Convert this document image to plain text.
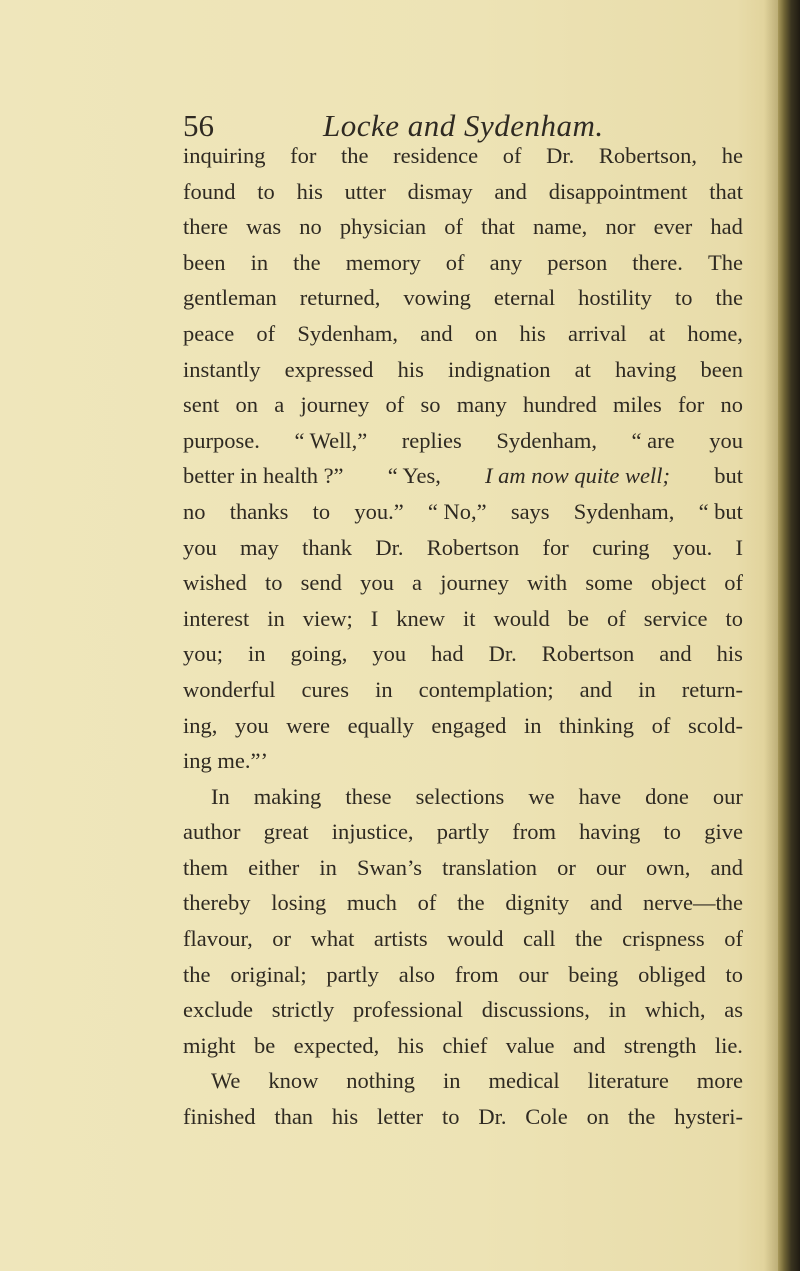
56	Locke and Sydenham.
inquiring for the residence of Dr. Robertson, he
found to his utter dismay and disappointment that
there was no physician of that name, nor ever had
been in the memory of any person there. The
gentleman returned, vowing eternal hostility to the
peace of Sydenham, and on his arrival at home,
instantly expressed his indignation at having been
sent on a journey of so many hundred miles for no
purpose. “ Well,” replies Sydenham, “ are you
better in health ?” “ Yes, I am now quite well; but
no thanks to you.” “ No,” says Sydenham, “ but
you may thank Dr. Robertson for curing you. I
wished to send you a journey with some object of
interest in view; I knew it would be of service to
you; in going, you had Dr. Robertson and his
wonderful cures in contemplation; and in return-
ing, you were equally engaged in thinking of scold-
ing me.”’
In making these selections we have done our
author great injustice, partly from having to give
them either in Swan’s translation or our own, and
thereby losing much of the dignity and nerve—the
flavour, or what artists would call the crispness of
the original; partly also from our being obliged to
exclude strictly professional discussions, in which, as
might be expected, his chief value and strength lie.
We know nothing in medical literature more
finished than his letter to Dr. Cole on the hysteri-
